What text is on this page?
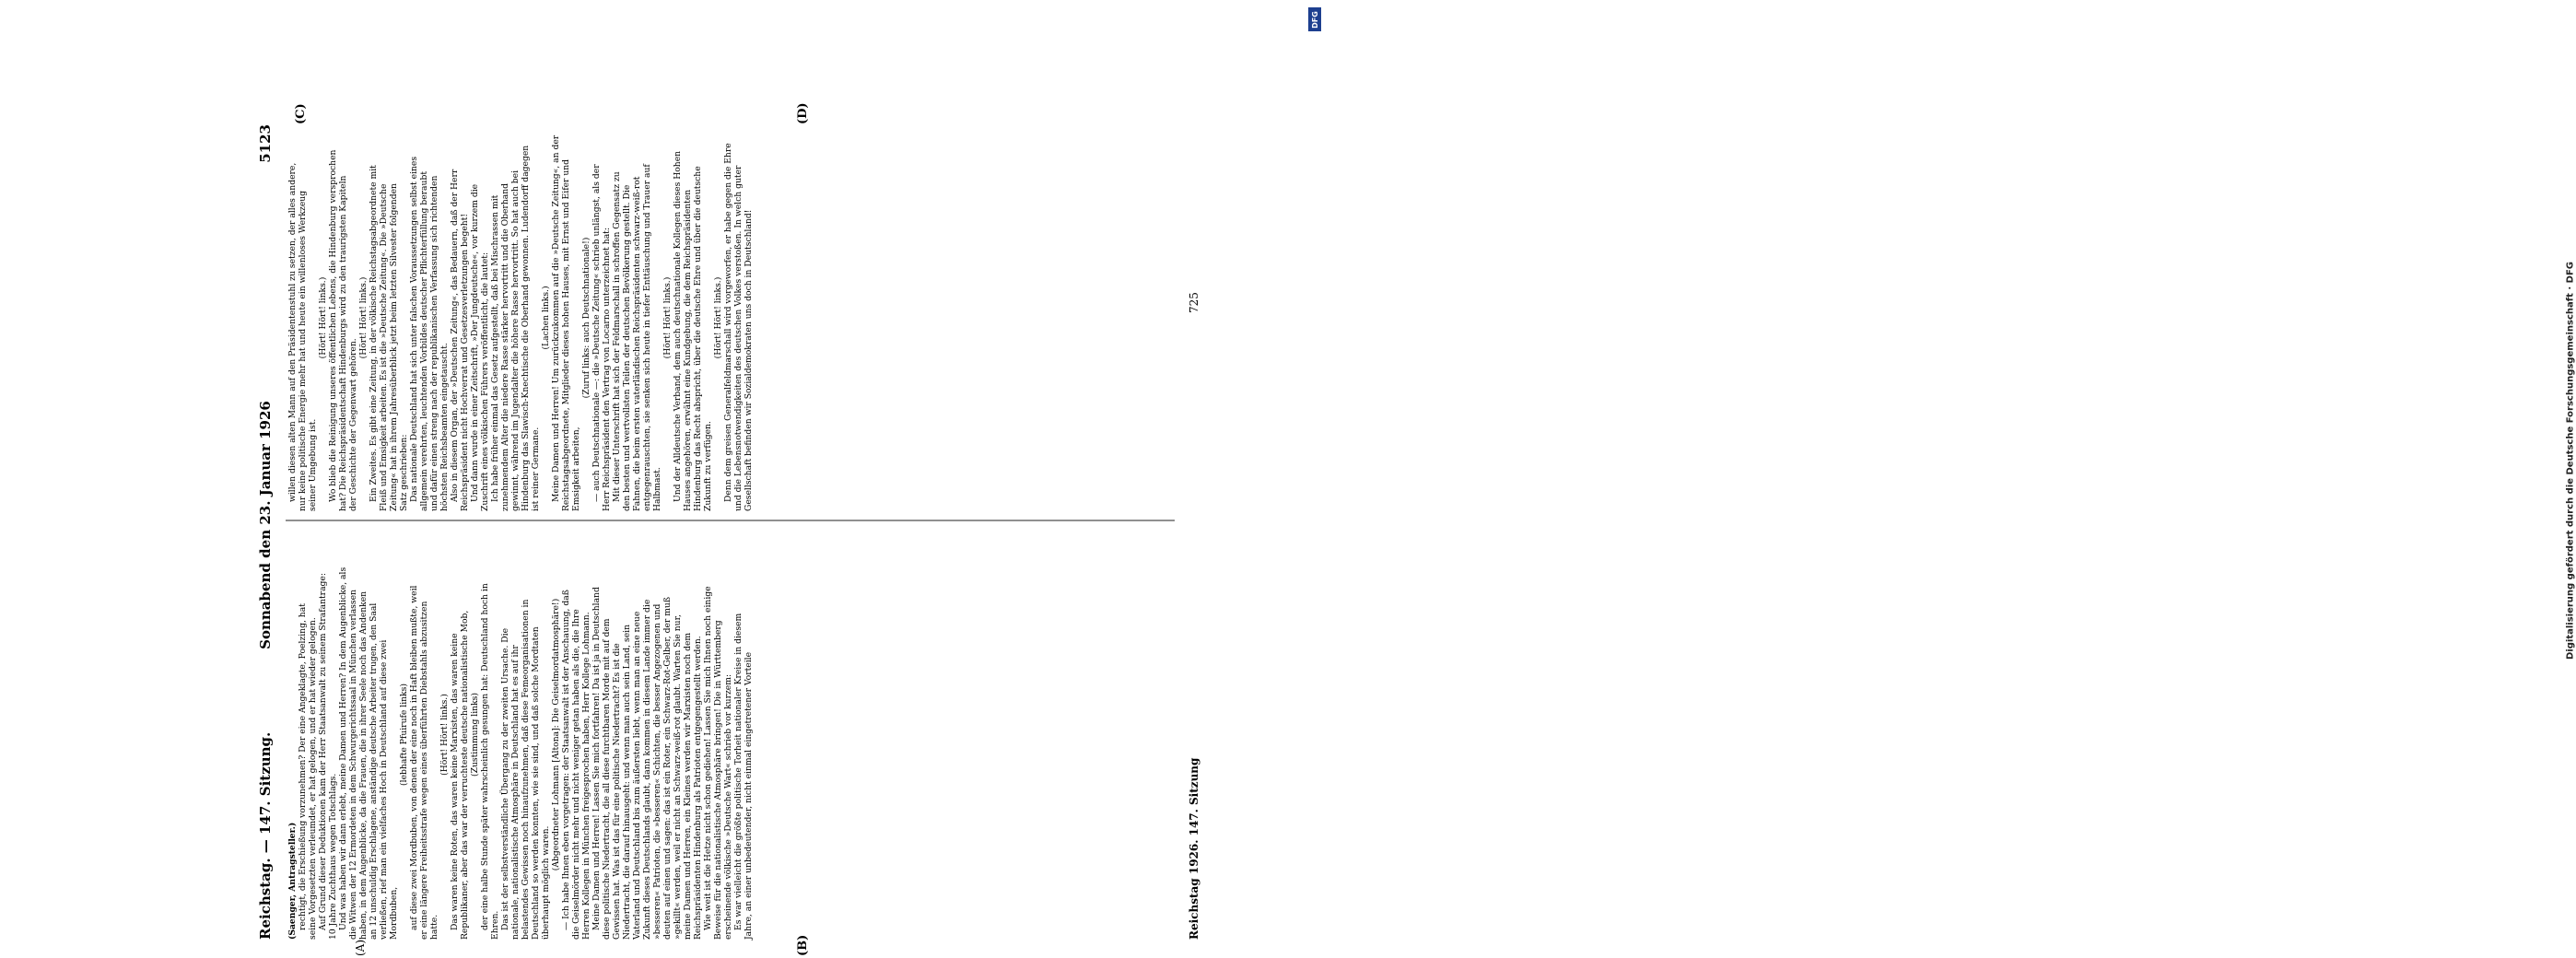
Reichstag. — 147. Sitzung.
Sonnabend den 23. Januar 1926
5123
(A)	(B)
(C)	(D)
(Saenger, Antragsteller.) rechtigt, die Erschießung vorzunehmen? Der eine Angeklagte, Poelzing, hatseine Vorgesetzten verleumdet, er hat gelogen, und er hat wieder gelogen. Auf Grund dieser Deduktionen kam der Herr Staatsanwalt zu seinem Strafantrage:10 Jahre Zuchthaus wegen Totschlags. Und was haben wir dann erlebt, meine Damen und Herren? In dem Augenblicke, alsdie Witwen der 12 Ermordeten in dem Schwurgerichtssaal in München verlassenhaben, in dem Augenblicke, da die Frauen, die in ihrer Seele noch das Andenkenan 12 unschuldig Erschlagene, anständige deutsche Arbeiter trugen, den Saalverließen, rief man ein vielfaches Hoch in Deutschland auf diese zweiMordbuben,
(lebhafte Pfuirufe links) auf diese zwei Mordbuben, von denen der eine noch in Haft bleiben mußte, weiler eine längere Freiheitsstrafe wegen eines überführten Diebstahls abzusitzenhatte.
(Hört! Hört! links.) Das waren keine Roten, das waren keine Marxisten, das waren keineRepublikaner, aber das war der verruchteste deutsche nationalistische Mob, (Zustimmung links) der eine halbe Stunde später wahrscheinlich gesungen hat: Deutschland hoch inEhren. Das ist der selbstverständliche Übergang zu der zweiten Ursache. Dienationale, nationalistische Atmosphäre in Deutschland hat es auf ihrbelastendes Gewissen noch hinaufzunehmen, daß diese Femeorganisationen inDeutschland so werden konnten, wie sie sind, und daß solche Mordtatenüberhaupt möglich waren.
(Abgeordneter Lohmann [Altona]: Die Geiselmordatmosphäre!) — Ich habe Ihnen eben vorgetragen: der Staatsanwalt ist der Anschauung, daßdie Geiselmörder nicht mehr und nicht weniger getan haben als die, die IhreHerren Kollegen in München freigesprochen haben, Herr Kollege Lohmann. Meine Damen und Herren! Lassen Sie mich fortfahren! Da ist ja in Deutschlanddiese politische Niedertracht, die all diese furchtbaren Morde mit auf demGewissen hat. Was ist das für eine politische Niedertracht? Es ist dieNiedertracht, die darauf hinausgeht: und wenn man auch sein Land, seinVaterland und Deutschland bis zum äußersten liebt, wenn man an eine neueZukunft dieses Deutschlands glaubt, dann kommen in diesem Lande immer die»besseren« Patrioten, die »besseren« Schichten, die besser Angezogenen unddeuten auf einen und sagen: das ist ein Roter, ein Schwarz-Rot-Gelber, der muß»gekillt« werden, weil er nicht an Schwarz-weiß-rot glaubt. Warten Sie nur,meine Damen und Herren, ein Kleines werden wir Marxisten noch demReichspräsidenten Hindenburg als Patrioten entgegengestellt werden. Wie weit ist die Hetze nicht schon gediehen! Lassen Sie mich Ihnen noch einigeBeweise für die nationalistische Atmosphäre bringen! Die in Württembergerscheinende völkische »Deutsche Wart« schrieb vor kurzem: Es war vielleicht die größte politische Torheit nationaler Kreise in diesemJahre, an einer unbedeutender, nicht einmal eingetretener Vorteile
willen diesen alten Mann auf den Präsidentenstuhl zu setzen, der alles andere,nur keine politische Energie mehr hat und heute ein willenloses Werkzeugseiner Umgebung ist.
(Hört! Hört! links.) Wo blieb die Reinigung unseres öffentlichen Lebens, die Hindenburg versprochenhat? Die Reichspräsidentschaft Hindenburgs wird zu den traurigsten Kapitelnder Geschichte der Gegenwart gehören.
(Hört! Hört! links.) Ein Zweites. Es gibt eine Zeitung, in der völkische Reichstagsabgeordnete mitFleiß und Emsigkeit arbeiten. Es ist die »Deutsche Zeitung«. Die »DeutscheZeitung« hat in ihrem Jahresüberblick jetzt beim letzten Silvester folgendenSatz geschrieben: Das nationale Deutschland hat sich unter falschen Voraussetzungen selbst einesallgemein verehrten, leuchtenden Vorbildes deutscher Pflichterfüllung beraubtund dafür einen streng nach der republikanischen Verfassung sich richtendenhöchsten Reichsbeamten eingetauscht. Also in diesem Organ, der »Deutschen Zeitung«, das Bedauern, daß der HerrReichspräsident nicht Hochverrat und Gesetzesverletzungen begeht! Und dann wurde in einer Zeitschrift, »Der Jungdeutsche«, vor kurzem dieZuschrift eines völkischen Führers veröffentlicht, die lautet: Ich habe früher einmal das Gesetz aufgestellt, daß bei Mischrassen mitzunehmendem Alter die niedere Rasse stärker hervortritt und die Oberhandgewinnt, während im Jugendalter die höhere Rasse hervortritt. So hat auch beiHindenburg das Slawisch-Knechtische die Oberhand gewonnen. Ludendorff dagegenist reiner Germane.
(Lachen links.) Meine Damen und Herren! Um zurückzukommen auf die »Deutsche Zeitung«, an derReichstagsabgeordnete, Mitglieder dieses hohen Hauses, mit Ernst und Eifer undEmsigkeit arbeiten,
(Zuruf links: auch Deutschnationale!) — auch Deutschnationale —: die »Deutsche Zeitung« schrieb unlängst, als derHerr Reichspräsident den Vertrag von Locarno unterzeichnet hat: Mit dieser Unterschrift hat sich der Feldmarschall in schroffen Gegensatz zuden besten und wertvollsten Teilen der deutschen Bevölkerung gestellt. DieFahnen, die beim ersten vaterländischen Reichspräsidenten schwarz-weiß-rotentgegenrauschten, sie senken sich heute in tiefer Enttäuschung und Trauer aufHalbmast.
(Hört! Hört! links.) Und der Alldeutsche Verband, dem auch deutschnationale Kollegen dieses HohenHauses angehören, erwähnt eine Kundgebung, die dem ReichspräsidentenHindenburg das Recht abspricht, über die deutsche Ehre und über die deutscheZukunft zu verfügen.
(Hört! Hört! links.) Denn dem greisen Generalfeldmarschall wird vorgeworfen, er habe gegen die Ehreund die Lebensnotwendigkeiten des deutschen Volkes verstoßen. In welch guterGesellschaft befinden wir Sozialdemokraten uns doch in Deutschland!
Reichstag 1926. 147. Sitzung
725	Digitalisierung gefördert durch die Deutsche Forschungsgemeinschaft · DFG
DFG
